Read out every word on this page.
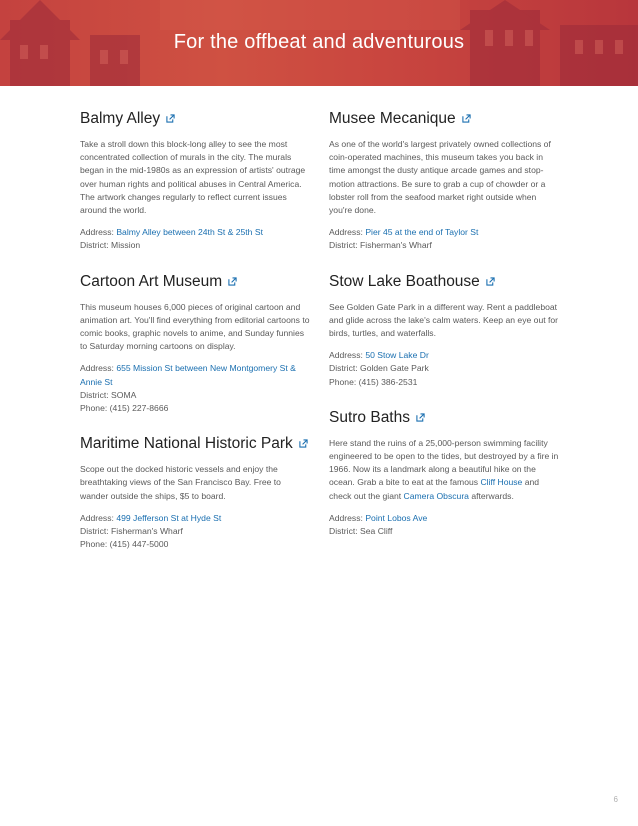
For the offbeat and adventurous
Balmy Alley

Take a stroll down this block-long alley to see the most concentrated collection of murals in the city. The murals began in the mid-1980s as an expression of artists' outrage over human rights and political abuses in Central America. The artwork changes regularly to reflect current issues around the world.

Address: Balmy Alley between 24th St & 25th St

District: Mission

Cartoon Art Museum

This museum houses 6,000 pieces of original cartoon and animation art. You'll find everything from editorial cartoons to comic books, graphic novels to anime, and Sunday funnies to Saturday morning cartoons on display.

Address: 655 Mission St between New Montgomery St & Annie St

District: SOMA

Phone: (415) 227-8666

Maritime National Historic Park

Scope out the docked historic vessels and enjoy the breathtaking views of the San Francisco Bay. Free to wander outside the ships, $5 to board.

Address: 499 Jefferson St at Hyde St

District: Fisherman's Wharf

Phone: (415) 447-5000

Musee Mecanique

As one of the world's largest privately owned collections of coin-operated machines, this museum takes you back in time amongst the dusty antique arcade games and stop-motion attractions. Be sure to grab a cup of chowder or a lobster roll from the seafood market right outside when you're done.

Address: Pier 45 at the end of Taylor St

District: Fisherman's Wharf

Stow Lake Boathouse

See Golden Gate Park in a different way. Rent a paddleboat and glide across the lake's calm waters. Keep an eye out for birds, turtles, and waterfalls.

Address: 50 Stow Lake Dr

District: Golden Gate Park

Phone: (415) 386-2531

Sutro Baths

Here stand the ruins of a 25,000-person swimming facility engineered to be open to the tides, but destroyed by a fire in 1966. Now its a landmark along a beautiful hike on the ocean. Grab a bite to eat at the famous Cliff House and check out the giant Camera Obscura afterwards.

Address: Point Lobos Ave

District: Sea Cliff

6
